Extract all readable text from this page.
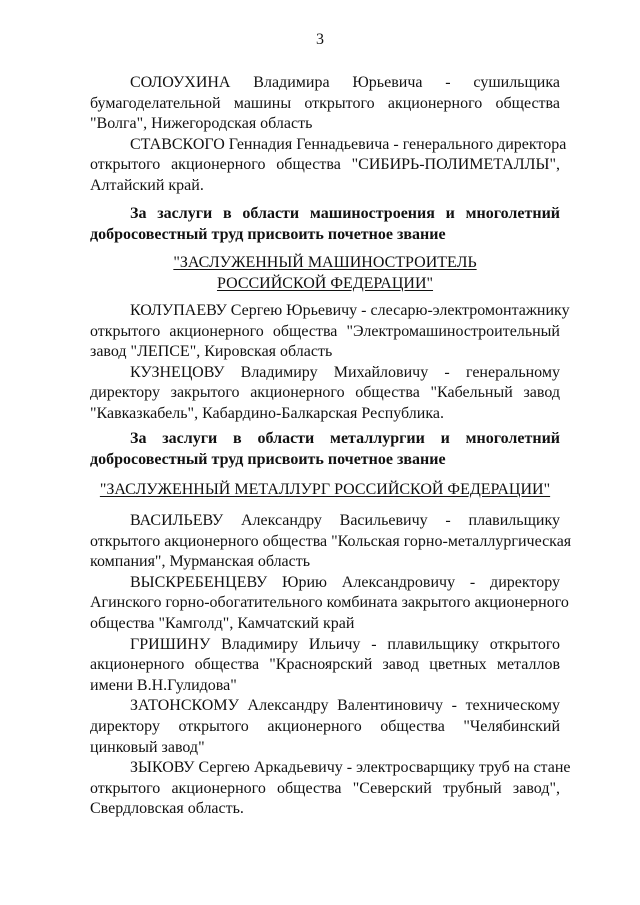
3
СОЛОУХИНА Владимира Юрьевича - сушильщика
бумагоделательной машины открытого акционерного общества
"Волга", Нижегородская область
СТАВСКОГО Геннадия Геннадьевича - генерального директора
открытого акционерного общества "СИБИРЬ-ПОЛИМЕТАЛЛЫ",
Алтайский край.
За заслуги в области машиностроения и многолетний
добросовестный труд присвоить почетное звание
"ЗАСЛУЖЕННЫЙ МАШИНОСТРОИТЕЛЬ
РОССИЙСКОЙ ФЕДЕРАЦИИ"
КОЛУПАЕВУ Сергею Юрьевичу - слесарю-электромонтажнику
открытого акционерного общества "Электромашиностроительный
завод "ЛЕПСЕ", Кировская область
КУЗНЕЦОВУ Владимиру Михайловичу - генеральному
директору закрытого акционерного общества "Кабельный завод
"Кавказкабель", Кабардино-Балкарская Республика.
За заслуги в области металлургии и многолетний
добросовестный труд присвоить почетное звание
"ЗАСЛУЖЕННЫЙ МЕТАЛЛУРГ РОССИЙСКОЙ ФЕДЕРАЦИИ"
ВАСИЛЬЕВУ Александру Васильевичу - плавильщику
открытого акционерного общества "Кольская горно-металлургическая
компания", Мурманская область
ВЫСКРЕБЕНЦЕВУ Юрию Александровичу - директору
Агинского горно-обогатительного комбината закрытого акционерного
общества "Камголд", Камчатский край
ГРИШИНУ Владимиру Ильичу - плавильщику открытого
акционерного общества "Красноярский завод цветных металлов
имени В.Н.Гулидова"
ЗАТОНСКОМУ Александру Валентиновичу - техническому
директору открытого акционерного общества "Челябинский
цинковый завод"
ЗЫКОВУ Сергею Аркадьевичу - электросварщику труб на стане
открытого акционерного общества "Северский трубный завод",
Свердловская область.
